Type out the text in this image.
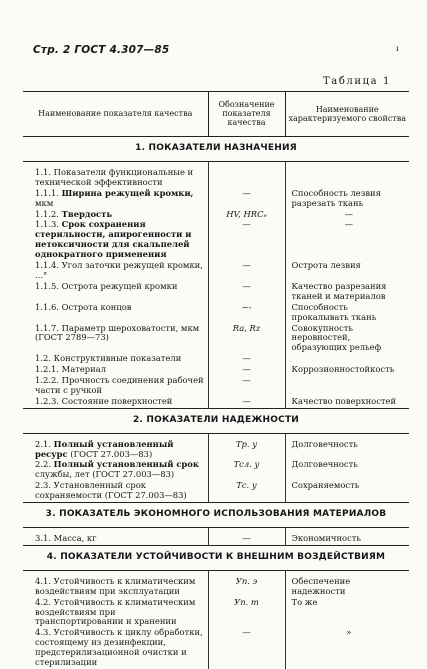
Стр. 2 ГОСТ 4.307—85	ı
Таблица 1
Наименование показателя качества	Обозначение показателя качества	Наименование характеризуемого свойства
1. ПОКАЗАТЕЛИ НАЗНАЧЕНИЯ		
1.1. Показатели функциональные и технической эффективности		
1.1.1. Ширина режущей кромки, мкм	—	Способность лезвия разрезать ткань
1.1.2. Твердость	HV, HRCₑ	—
1.1.3. Срок сохранения стерильности, апирогенности и нетоксичности для скальпелей однократного применения	—	—
1.1.4. Угол заточки режущей кромки, ...°	—	Острота лезвия
1.1.5. Острота режущей кромки	—	Качество разрезания тканей и материалов
1.1.6. Острота концов	~-	Способность прокалывать ткань
1.1.7. Параметр шероховатости, мкм (ГОСТ 2789—73)	Ra, Rz	Совокупность неровностей, образующих рельеф
1.2. Конструктивные показатели	—	
1.2.1. Материал	—	Коррозионностойкость
1.2.2. Прочность соединения рабочей части с ручкой	—	
1.2.3. Состояние поверхностей	—	Качество поверхностей
2. ПОКАЗАТЕЛИ НАДЕЖНОСТИ		
2.1. Полный установленный ресурс (ГОСТ 27.003—83)	Tр. у	Долговечность
2.2. Полный установленный срок службы, лет (ГОСТ 27.003—83)	Tсл. у	Долговечность
2.3. Установленный срок сохраняемости (ГОСТ 27.003—83)	Tс. у	Сохраняемость
3. ПОКАЗАТЕЛЬ ЭКОНОМНОГО ИСПОЛЬЗОВАНИЯ МАТЕРИАЛОВ		
3.1. Масса, кг	—	Экономичность
4. ПОКАЗАТЕЛИ УСТОЙЧИВОСТИ К ВНЕШНИМ ВОЗДЕЙСТВИЯМ		
4.1. Устойчивость к климатическим воздействиям при эксплуатации	Уп. э	Обеспечение надежности
4.2. Устойчивость к климатическим воздействиям при транспортировании и хранении	Уп. т	То же
4.3. Устойчивость к циклу обработки, состоящему из дезинфекции, предстерилизационной очистки и стерилизации	—	»
